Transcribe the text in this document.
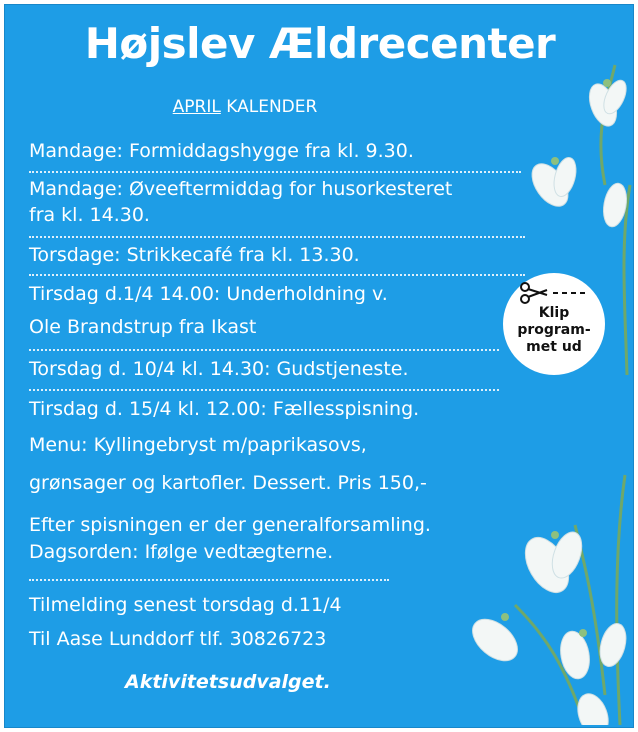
Højslev Ældrecenter
APRIL KALENDER
Mandage: Formiddagshygge fra kl. 9.30.
Mandage: Øveeftermiddag for husorkesteret
fra kl. 14.30.
Torsdage: Strikkecafé fra kl. 13.30.
Tirsdag d.1/4 14.00: Underholdning v.
Ole Brandstrup fra Ikast
Torsdag d. 10/4 kl. 14.30: Gudstjeneste.
Tirsdag d. 15/4 kl. 12.00: Fællesspisning.
Menu: Kyllingebryst m/paprikasovs,
grønsager og kartofler. Dessert. Pris 150,-
Efter spisningen er der generalforsamling.
Dagsorden: Ifølge vedtægterne.
Tilmelding senest torsdag d.11/4
Til Aase Lunddorf tlf. 30826723
Aktivitetsudvalget.
Klip
program-
met ud
